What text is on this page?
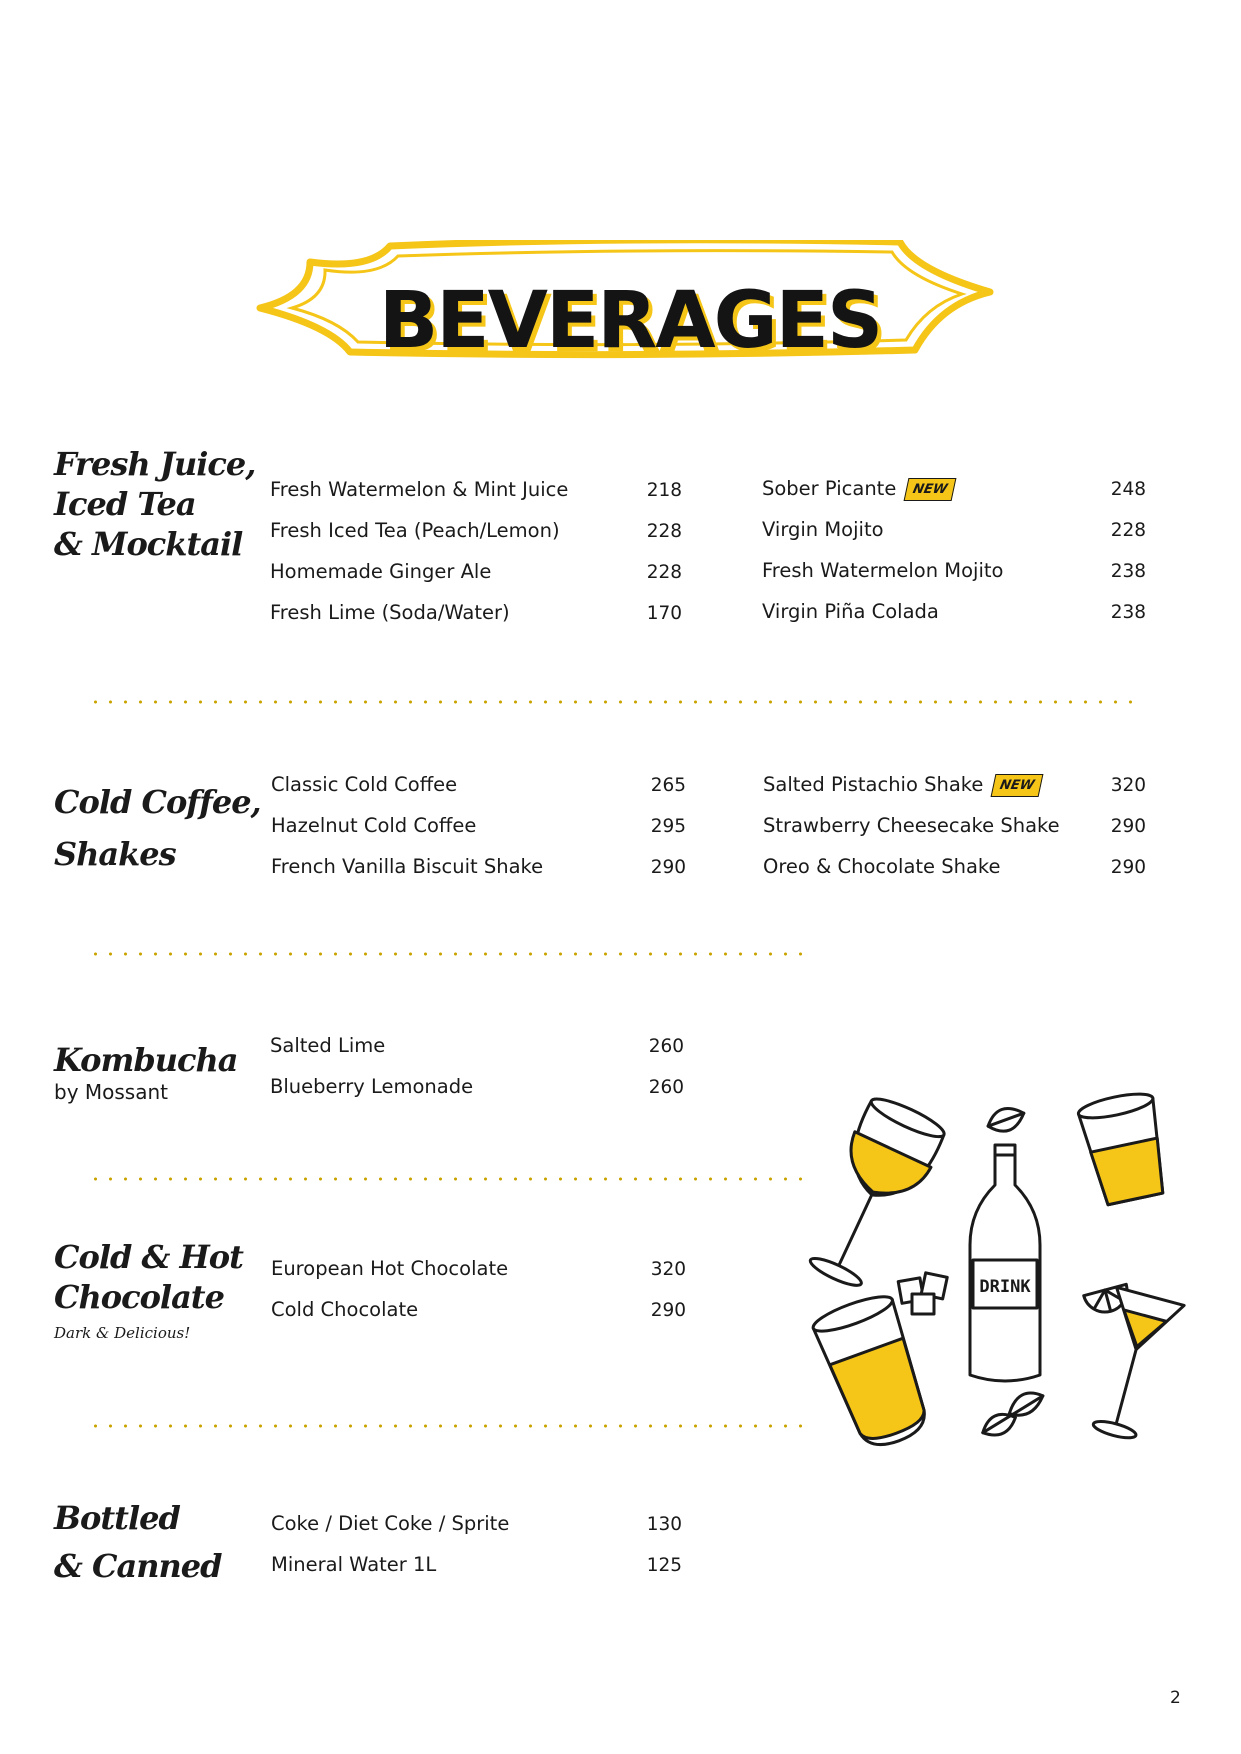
BEVERAGES
Fresh Juice,
Iced Tea
& Mocktail
Fresh Watermelon & Mint Juice	218
Fresh Iced Tea (Peach/Lemon)	228
Homemade Ginger Ale	228
Fresh Lime (Soda/Water)	170
Sober Picante NEW	248
Virgin Mojito	228
Fresh Watermelon Mojito	238
Virgin Piña Colada	238
Cold Coffee,
Shakes
Classic Cold Coffee	265
Hazelnut Cold Coffee	295
French Vanilla Biscuit Shake	290
Salted Pistachio Shake NEW	320
Strawberry Cheesecake Shake	290
Oreo & Chocolate Shake	290
Kombucha
by Mossant
Salted Lime	260
Blueberry Lemonade	260
Cold & Hot
Chocolate
Dark & Delicious!
European Hot Chocolate	320
Cold Chocolate	290
Bottled
& Canned
Coke / Diet Coke / Sprite	130
Mineral Water 1L	125
DRINK
2
